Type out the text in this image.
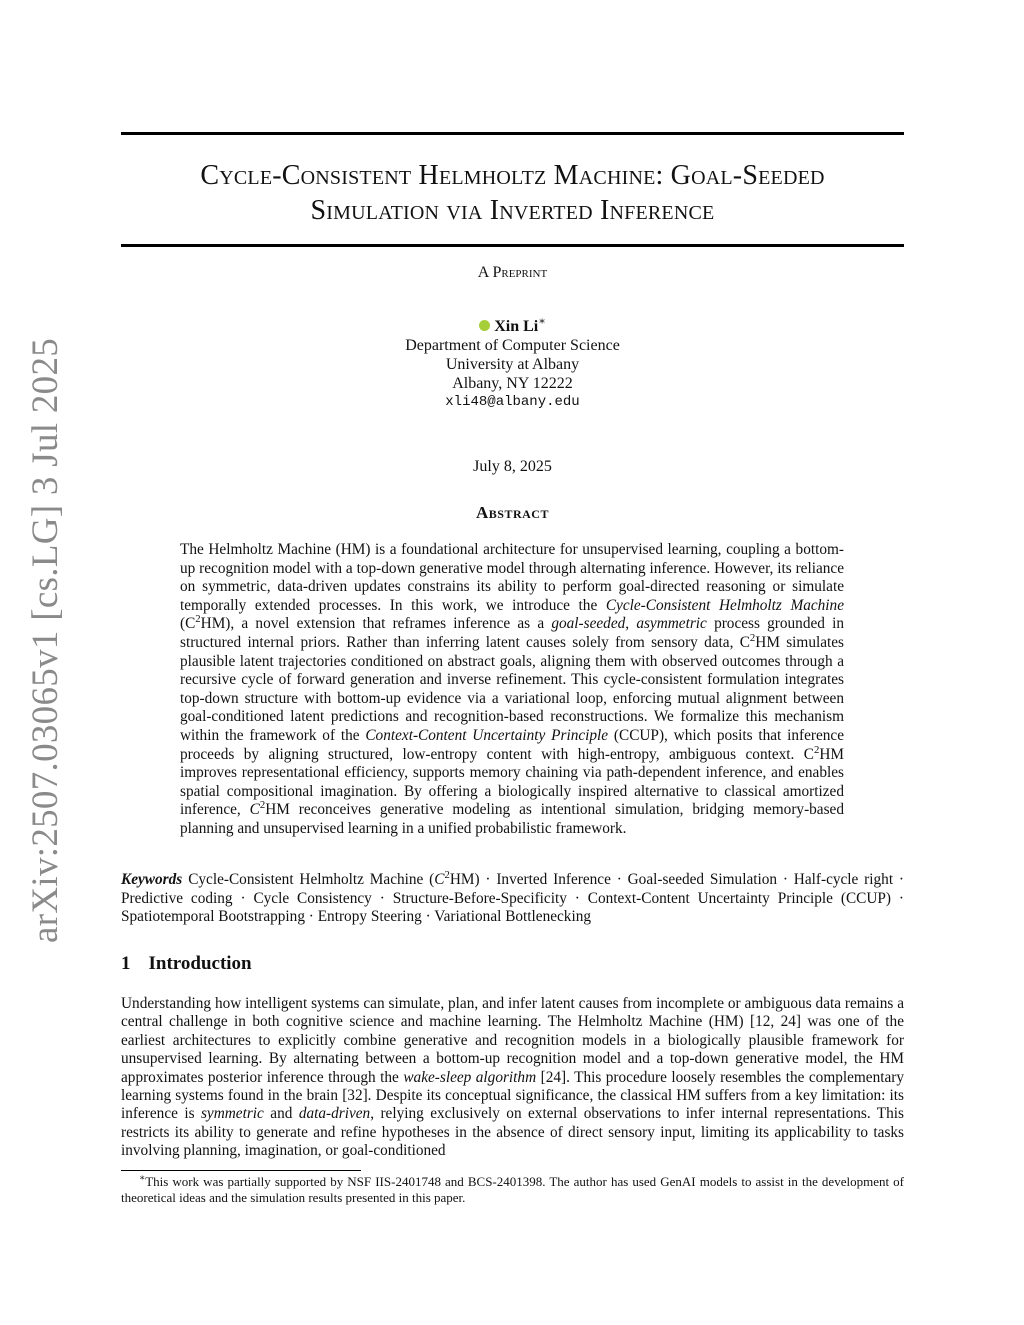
arXiv:2507.03065v1 [cs.LG] 3 Jul 2025
Cycle-Consistent Helmholtz Machine: Goal-Seeded
Simulation via Inverted Inference
A Preprint
Xin Li∗
Department of Computer Science
University at Albany
Albany, NY 12222
xli48@albany.edu
July 8, 2025
Abstract
The Helmholtz Machine (HM) is a foundational architecture for unsupervised learning, coupling a bottom-up recognition model with a top-down generative model through alternating inference. However, its reliance on symmetric, data-driven updates constrains its ability to perform goal-directed reasoning or simulate temporally extended processes. In this work, we introduce the Cycle-Consistent Helmholtz Machine $(C^2HM)$, a novel extension that reframes inference as a goal-seeded, asymmetric process grounded in structured internal priors. Rather than inferring latent causes solely from sensory data, $C^2HM$ simulates plausible latent trajectories conditioned on abstract goals, aligning them with observed outcomes through a recursive cycle of forward generation and inverse refinement. This cycle-consistent formulation integrates top-down structure with bottom-up evidence via a variational loop, enforcing mutual alignment between goal-conditioned latent predictions and recognition-based reconstructions. We formalize this mechanism within the framework of the Context-Content Uncertainty Principle (CCUP), which posits that inference proceeds by aligning structured, low-entropy content with high-entropy, ambiguous context. $C^2HM$ improves representational efficiency, supports memory chaining via path-dependent inference, and enables spatial compositional imagination. By offering a biologically inspired alternative to classical amortized inference, $C^2HM$ reconceives generative modeling as intentional simulation, bridging memory-based planning and unsupervised learning in a unified probabilistic framework.
Keywords Cycle-Consistent Helmholtz Machine $(C^2HM)$ · Inverted Inference · Goal-seeded Simulation · Half-cycle right · Predictive coding · Cycle Consistency · Structure-Before-Specificity · Context-Content Uncertainty Principle (CCUP) · Spatiotemporal Bootstrapping · Entropy Steering · Variational Bottlenecking
1 Introduction
Understanding how intelligent systems can simulate, plan, and infer latent causes from incomplete or ambiguous data remains a central challenge in both cognitive science and machine learning. The Helmholtz Machine (HM) [12, 24] was one of the earliest architectures to explicitly combine generative and recognition models in a biologically plausible framework for unsupervised learning. By alternating between a bottom-up recognition model and a top-down generative model, the HM approximates posterior inference through the wake-sleep algorithm [24]. This procedure loosely resembles the complementary learning systems found in the brain [32]. Despite its conceptual significance, the classical HM suffers from a key limitation: its inference is symmetric and data-driven, relying exclusively on external observations to infer internal representations. This restricts its ability to generate and refine hypotheses in the absence of direct sensory input, limiting its applicability to tasks involving planning, imagination, or goal-conditioned
∗This work was partially supported by NSF IIS-2401748 and BCS-2401398. The author has used GenAI models to assist in the development of theoretical ideas and the simulation results presented in this paper.
